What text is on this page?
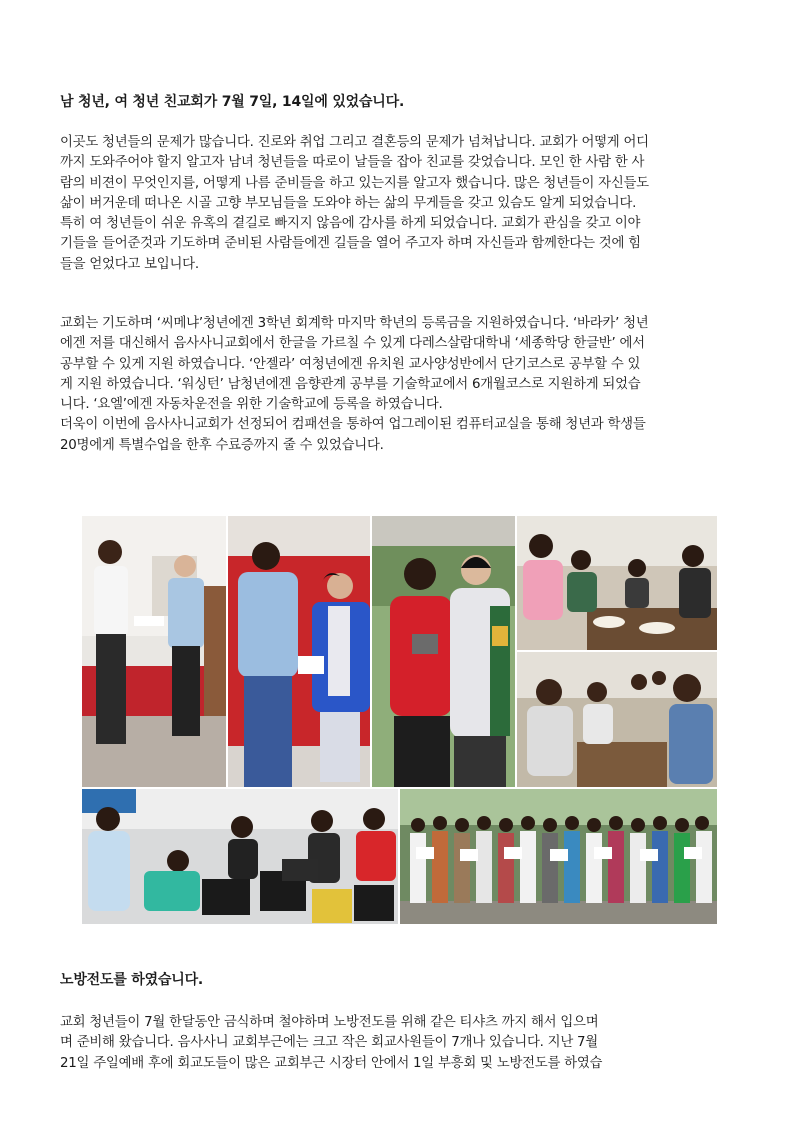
남 청년, 여 청년 친교회가 7월 7일, 14일에 있었습니다.

이곳도 청년들의 문제가 많습니다. 진로와 취업 그리고 결혼등의 문제가 넘쳐납니다. 교회가 어떻게 어디
까지 도와주어야 할지 알고자 남녀 청년들을 따로이 날들을 잡아 친교를 갖었습니다. 모인 한 사람 한 사
람의 비젼이 무엇인지를, 어떻게 나름 준비들을 하고 있는지를 알고자 했습니다. 많은 청년들이 자신들도
삶이 버거운데 떠나온 시골 고향 부모님들을 도와야 하는 삶의 무게들을 갖고 있슴도 알게 되었습니다.
특히 여 청년들이 쉬운 유혹의 곁길로 빠지지 않음에 감사를 하게 되었습니다. 교회가 관심을 갖고 이야
기들을 들어준것과 기도하며 준비된 사람들에겐 길들을 열어 주고자 하며 자신들과 함께한다는 것에 힘
들을 얻었다고 보입니다.

교회는 기도하며 ‘씨메냐’청년에겐 3학년 회계학 마지막 학년의 등록금을 지원하였습니다. ‘바라카’ 청년
에겐 저를 대신해서 음사사니교회에서 한글을 가르칠 수 있게 다레스살람대학내 ‘세종학당 한글반’ 에서
공부할 수 있게 지원 하였습니다. ‘안젤라’ 여청년에겐 유치원 교사양성반에서 단기코스로 공부할 수 있
게 지원 하였습니다. ‘워싱턴’ 남청년에겐 음향관계 공부를 기술학교에서 6개월코스로 지원하게 되었습
니다. ‘요엘’에겐 자동차운전을 위한 기술학교에 등록을 하였습니다.
더욱이 이번에 음사사니교회가 선정되어 컴패션을 통하여 업그레이된 컴퓨터교실을 통해 청년과 학생들
20명에게 특별수업을 한후 수료증까지 줄 수 있었습니다.

노방전도를 하였습니다.

교회 청년들이 7월 한달동안 금식하며 철야하며 노방전도를 위해 같은 티샤츠 까지 해서 입으며
며 준비해 왔습니다. 음사사니 교회부근에는 크고 작은 회교사원들이 7개나 있습니다. 지난 7월
21일 주일예배 후에 회교도들이 많은 교회부근 시장터 안에서 1일 부흥회 및 노방전도를 하였습
